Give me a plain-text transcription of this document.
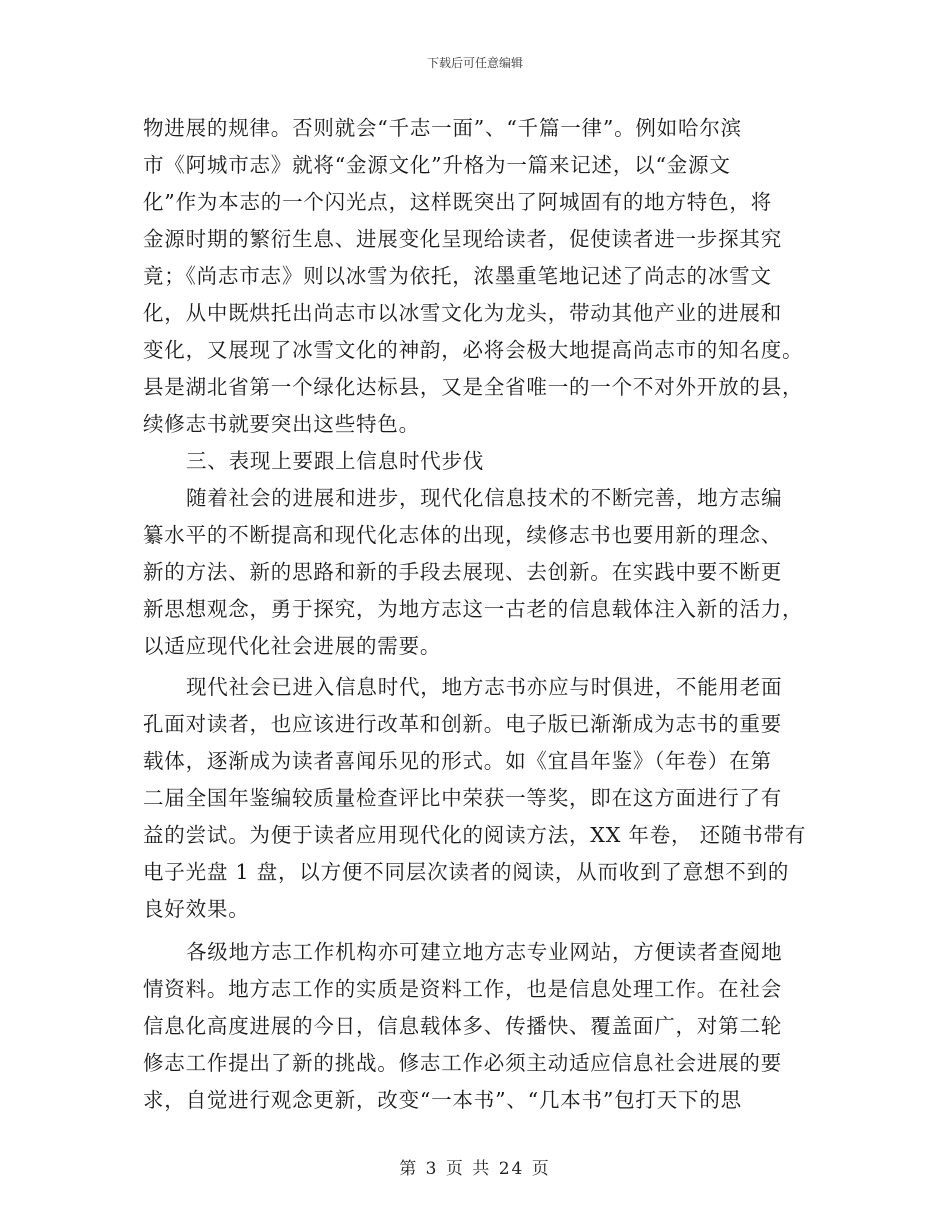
下载后可任意编辑
物进展的规律。否则就会“千志一面”、“千篇一律”。例如哈尔滨
市《阿城市志》就将“金源文化”升格为一篇来记述，以“金源文
化”作为本志的一个闪光点，这样既突出了阿城固有的地方特色，将
金源时期的繁衍生息、进展变化呈现给读者，促使读者进一步探其究
竟；《尚志市志》则以冰雪为依托，浓墨重笔地记述了尚志的冰雪文
化，从中既烘托出尚志市以冰雪文化为龙头，带动其他产业的进展和
变化，又展现了冰雪文化的神韵，必将会极大地提高尚志市的知名度。
县是湖北省第一个绿化达标县，又是全省唯一的一个不对外开放的县，
续修志书就要突出这些特色。
三、表现上要跟上信息时代步伐
随着社会的进展和进步，现代化信息技术的不断完善，地方志编
纂水平的不断提高和现代化志体的出现，续修志书也要用新的理念、
新的方法、新的思路和新的手段去展现、去创新。在实践中要不断更
新思想观念，勇于探究，为地方志这一古老的信息载体注入新的活力，
以适应现代化社会进展的需要。
现代社会已进入信息时代，地方志书亦应与时俱进，不能用老面
孔面对读者，也应该进行改革和创新。电子版已渐渐成为志书的重要
载体，逐渐成为读者喜闻乐见的形式。如《宜昌年鉴》（年卷）在第
二届全国年鉴编较质量检查评比中荣获一等奖，即在这方面进行了有
益的尝试。为便于读者应用现代化的阅读方法，XX 年卷， 还随书带有
电子光盘 1 盘，以方便不同层次读者的阅读，从而收到了意想不到的
良好效果。
各级地方志工作机构亦可建立地方志专业网站，方便读者查阅地
情资料。地方志工作的实质是资料工作，也是信息处理工作。在社会
信息化高度进展的今日，信息载体多、传播快、覆盖面广，对第二轮
修志工作提出了新的挑战。修志工作必须主动适应信息社会进展的要
求，自觉进行观念更新，改变“一本书”、“几本书”包打天下的思
第 3 页 共 24 页
